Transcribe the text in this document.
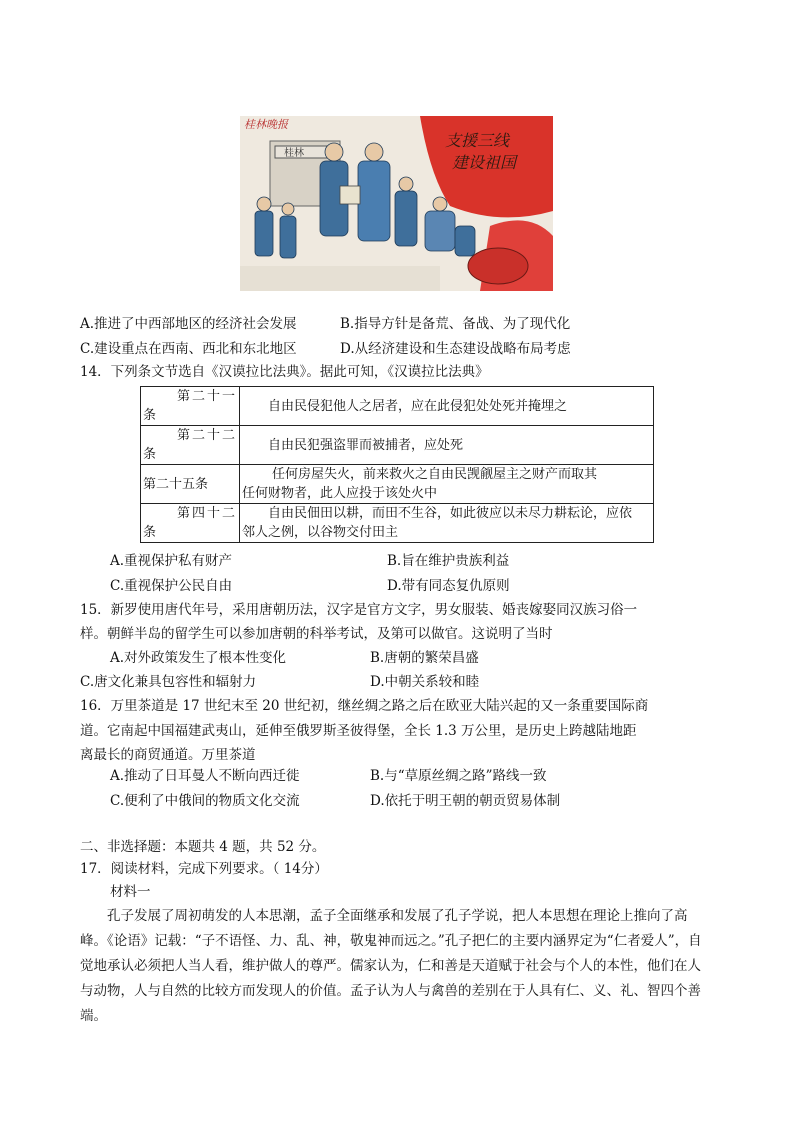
桂林晚报
桂林
支援三线
建设祖国
A.推进了中西部地区的经济社会发展	B.指导方针是备荒、备战、为了现代化
C.建设重点在西南、西北和东北地区	D.从经济建设和生态建设战略布局考虑
14．下列条文节选自《汉谟拉比法典》。据此可知，《汉谟拉比法典》
第二十一
条	自由民侵犯他人之居者，应在此侵犯处处死并掩埋之

第二十二
条	自由民犯强盗罪而被捕者，应处死

第二十五条	任何房屋失火，前来救火之自由民觊觎屋主之财产而取其
任何财物者，此人应投于该处火中

第四十二
条	自由民佃田以耕，而田不生谷，如此彼应以未尽力耕耘论，应依
邻人之例，以谷物交付田主
A.重视保护私有财产	B.旨在维护贵族利益
C.重视保护公民自由	D.带有同态复仇原则
15．新罗使用唐代年号，采用唐朝历法，汉字是官方文字，男女服装、婚丧嫁娶同汉族习俗一
样。朝鲜半岛的留学生可以参加唐朝的科举考试，及第可以做官。这说明了当时
A.对外政策发生了根本性变化	B.唐朝的繁荣昌盛
C.唐文化兼具包容性和辐射力	D.中朝关系较和睦
16．万里茶道是 17 世纪末至 20 世纪初，继丝绸之路之后在欧亚大陆兴起的又一条重要国际商
道。它南起中国福建武夷山，延伸至俄罗斯圣彼得堡，全长 1.3 万公里，是历史上跨越陆地距
离最长的商贸通道。万里茶道
A.推动了日耳曼人不断向西迁徙	B.与“草原丝绸之路”路线一致
C.便利了中俄间的物质文化交流	D.依托于明王朝的朝贡贸易体制
二、非选择题：本题共 4 题，共 52 分。
17．阅读材料，完成下列要求。（ 14分）
材料一
孔子发展了周初萌发的人本思潮，孟子全面继承和发展了孔子学说，把人本思想在理论上推向了高峰。《论语》记载：“子不语怪、力、乱、神，敬鬼神而远之。”孔子把仁的主要内涵界定为“仁者爱人”，自觉地承认必须把人当人看，维护做人的尊严。儒家认为，仁和善是天道赋于社会与个人的本性，他们在人与动物，人与自然的比较方而发现人的价值。孟子认为人与禽兽的差别在于人具有仁、义、礼、智四个善端。
